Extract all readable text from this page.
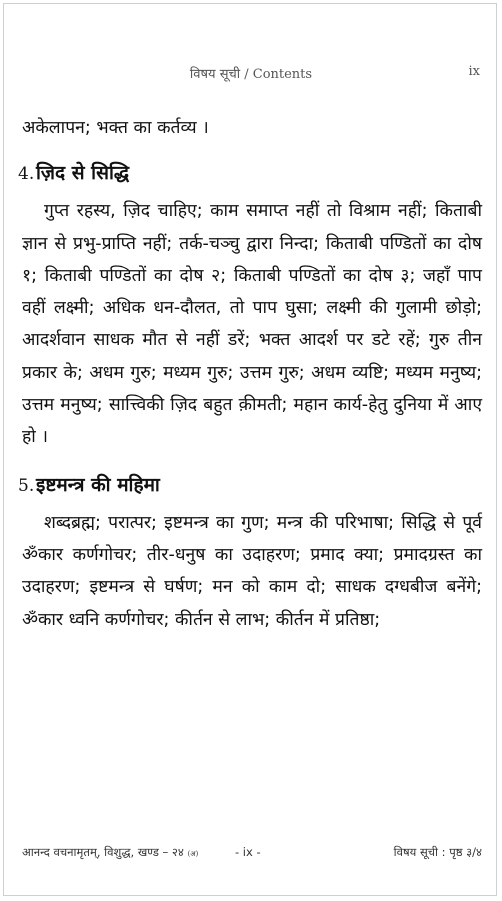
विषय सूची / Contents	ix

अकेलापन; भक्त का कर्तव्य ।

4. ज़िद से सिद्धि

गुप्त रहस्य, ज़िद चाहिए; काम समाप्त नहीं तो विश्राम नहीं; किताबी ज्ञान से प्रभु-प्राप्ति नहीं; तर्क-चञ्चु द्वारा निन्दा; किताबी पण्डितों का दोष १; किताबी पण्डितों का दोष २; किताबी पण्डितों का दोष ३; जहाँ पाप वहीं लक्ष्मी; अधिक धन-दौलत, तो पाप घुसा; लक्ष्मी की गुलामी छोड़ो; आदर्शवान साधक मौत से नहीं डरें; भक्त आदर्श पर डटे रहें; गुरु तीन प्रकार के; अधम गुरु; मध्यम गुरु; उत्तम गुरु; अधम व्यष्टि; मध्यम मनुष्य; उत्तम मनुष्य; सात्त्विकी ज़िद बहुत क़ीमती; महान कार्य-हेतु दुनिया में आए हो ।

5. इष्टमन्त्र की महिमा

शब्दब्रह्म; परात्पर; इष्टमन्त्र का गुण; मन्त्र की परिभाषा; सिद्धि से पूर्व ॐकार कर्णगोचर; तीर-धनुष का उदाहरण; प्रमाद क्या; प्रमादग्रस्त का उदाहरण; इष्टमन्त्र से घर्षण; मन को काम दो; साधक दग्धबीज बनेंगे; ॐकार ध्वनि कर्णगोचर; कीर्तन से लाभ; कीर्तन में प्रतिष्ठा;

आनन्द वचनामृतम्, विशुद्ध, खण्ड – २४ (अ)	- ix -	विषय सूची : पृष्ठ ३/४
